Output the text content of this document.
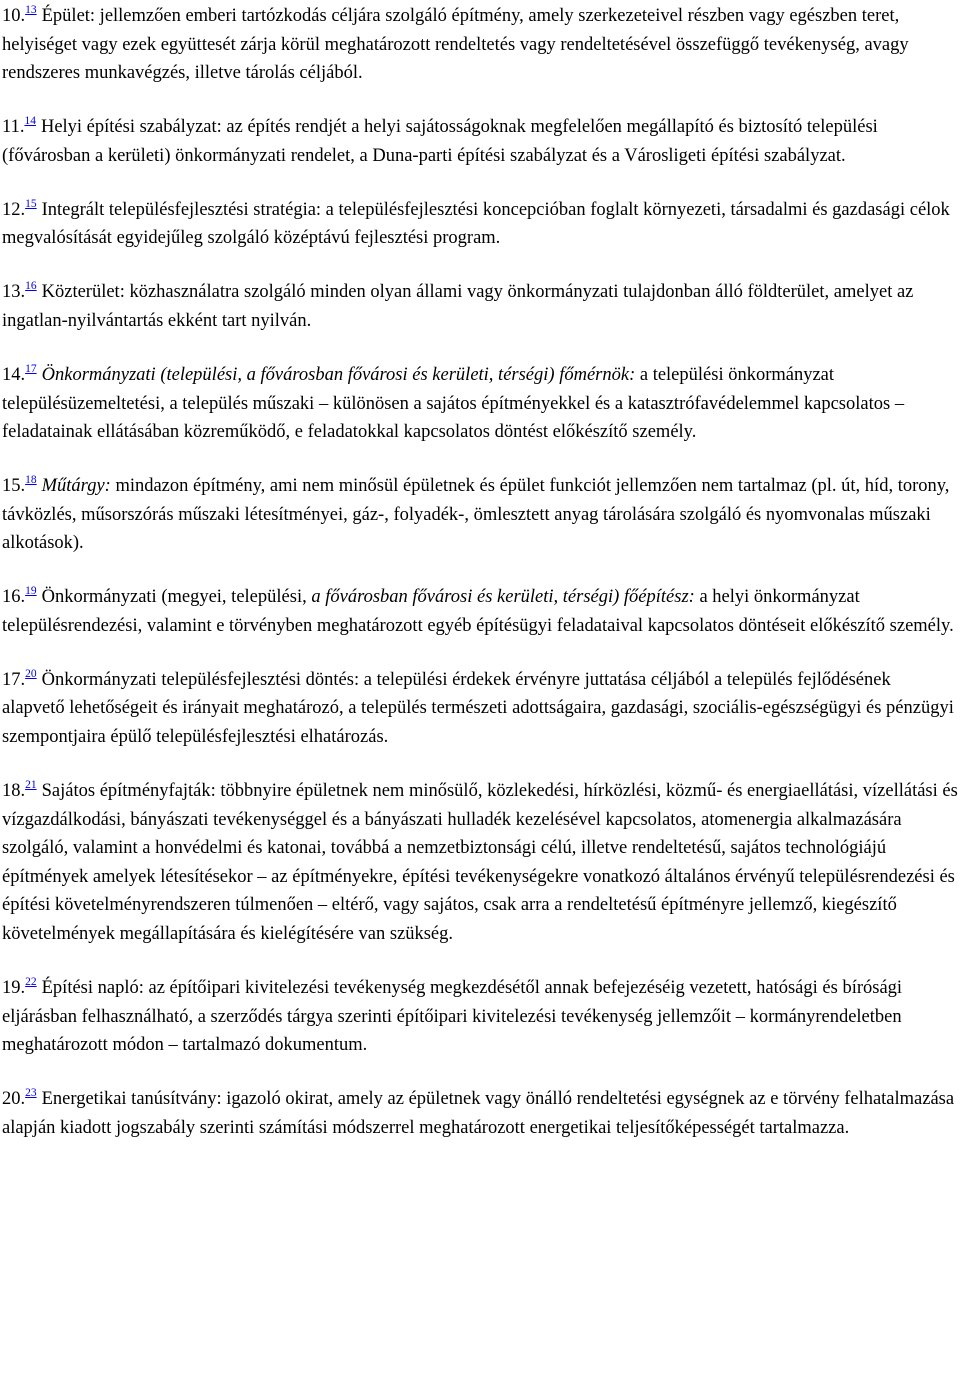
10.13 Épület: jellemzően emberi tartózkodás céljára szolgáló építmény, amely szerkezeteivel részben vagy egészben teret, helyiséget vagy ezek együttesét zárja körül meghatározott rendeltetés vagy rendeltetésével összefüggő tevékenység, avagy rendszeres munkavégzés, illetve tárolás céljából.

11.14 Helyi építési szabályzat: az építés rendjét a helyi sajátosságoknak megfelelően megállapító és biztosító települési (fővárosban a kerületi) önkormányzati rendelet, a Duna-parti építési szabályzat és a Városligeti építési szabályzat.

12.15 Integrált településfejlesztési stratégia: a településfejlesztési koncepcióban foglalt környezeti, társadalmi és gazdasági célok megvalósítását egyidejűleg szolgáló középtávú fejlesztési program.

13.16 Közterület: közhasználatra szolgáló minden olyan állami vagy önkormányzati tulajdonban álló földterület, amelyet az ingatlan-nyilvántartás ekként tart nyilván.

14.17 Önkormányzati (települési, a fővárosban fővárosi és kerületi, térségi) főmérnök: a települési önkormányzat településüzemeltetési, a település műszaki – különösen a sajátos építményekkel és a katasztrófavédelemmel kapcsolatos – feladatainak ellátásában közreműködő, e feladatokkal kapcsolatos döntést előkészítő személy.

15.18 Műtárgy: mindazon építmény, ami nem minősül épületnek és épület funkciót jellemzően nem tartalmaz (pl. út, híd, torony, távközlés, műsorszórás műszaki létesítményei, gáz-, folyadék-, ömlesztett anyag tárolására szolgáló és nyomvonalas műszaki alkotások).

16.19 Önkormányzati (megyei, települési, a fővárosban fővárosi és kerületi, térségi) főépítész: a helyi önkormányzat településrendezési, valamint e törvényben meghatározott egyéb építésügyi feladataival kapcsolatos döntéseit előkészítő személy.

17.20 Önkormányzati településfejlesztési döntés: a települési érdekek érvényre juttatása céljából a település fejlődésének alapvető lehetőségeit és irányait meghatározó, a település természeti adottságaira, gazdasági, szociális-egészségügyi és pénzügyi szempontjaira épülő településfejlesztési elhatározás.

18.21 Sajátos építményfajták: többnyire épületnek nem minősülő, közlekedési, hírközlési, közmű- és energiaellátási, vízellátási és vízgazdálkodási, bányászati tevékenységgel és a bányászati hulladék kezelésével kapcsolatos, atomenergia alkalmazására szolgáló, valamint a honvédelmi és katonai, továbbá a nemzetbiztonsági célú, illetve rendeltetésű, sajátos technológiájú építmények amelyek létesítésekor – az építményekre, építési tevékenységekre vonatkozó általános érvényű településrendezési és építési követelményrendszeren túlmenően – eltérő, vagy sajátos, csak arra a rendeltetésű építményre jellemző, kiegészítő követelmények megállapítására és kielégítésére van szükség.

19.22 Építési napló: az építőipari kivitelezési tevékenység megkezdésétől annak befejezéséig vezetett, hatósági és bírósági eljárásban felhasználható, a szerződés tárgya szerinti építőipari kivitelezési tevékenység jellemzőit – kormányrendeletben meghatározott módon – tartalmazó dokumentum.

20.23 Energetikai tanúsítvány: igazoló okirat, amely az épületnek vagy önálló rendeltetési egységnek az e törvény felhatalmazása alapján kiadott jogszabály szerinti számítási módszerrel meghatározott energetikai teljesítőképességét tartalmazza.
